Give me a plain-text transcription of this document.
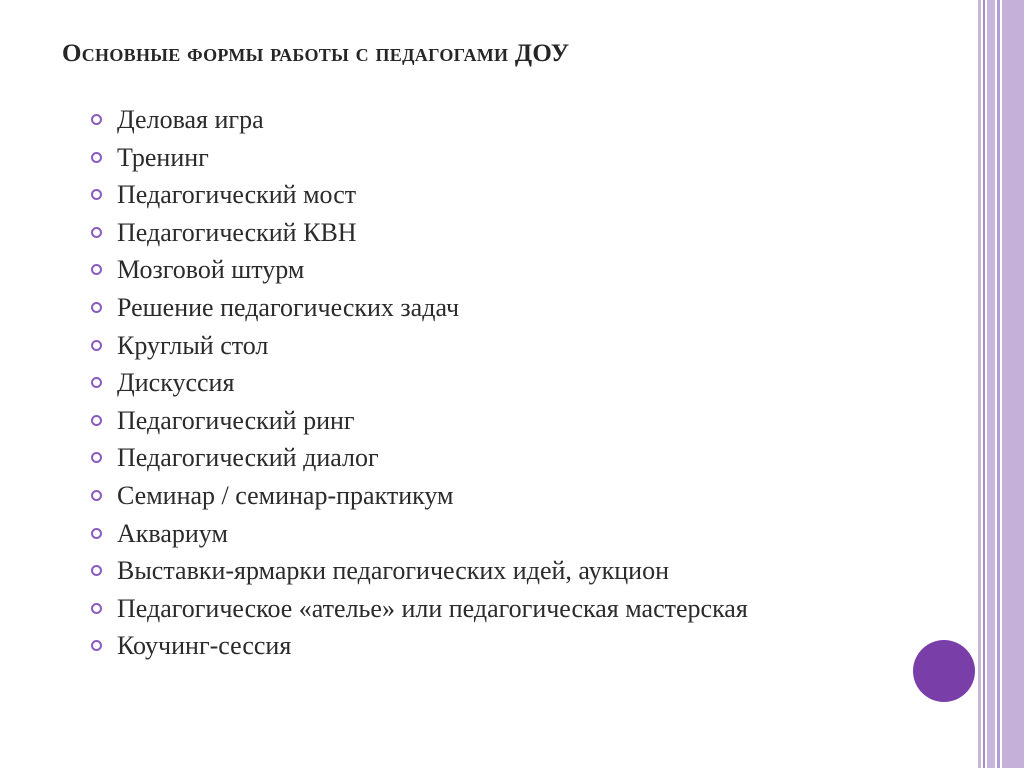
Основные формы работы с педагогами ДОУ
Деловая игра
Тренинг
Педагогический мост
Педагогический КВН
Мозговой штурм
Решение педагогических задач
Круглый стол
Дискуссия
Педагогический ринг
Педагогический диалог
Семинар / семинар-практикум
Аквариум
Выставки-ярмарки педагогических идей, аукцион
Педагогическое «ателье» или педагогическая мастерская
Коучинг-сессия
